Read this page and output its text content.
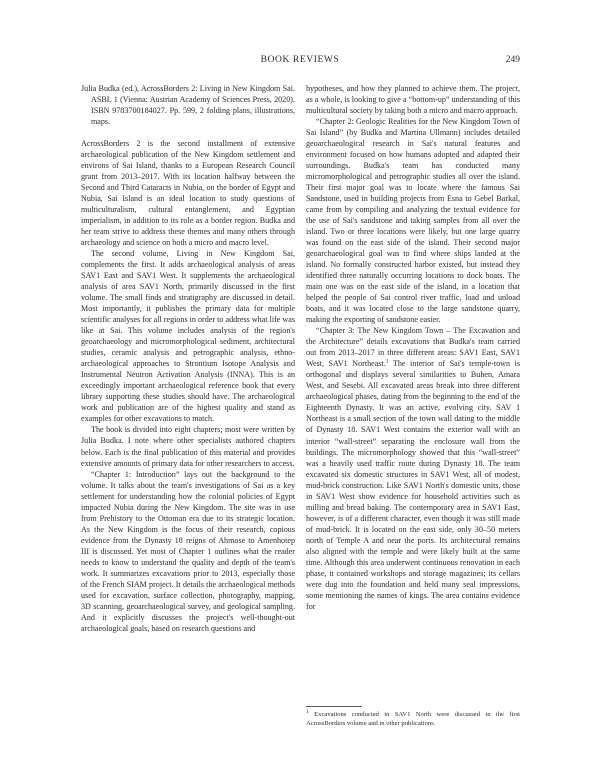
BOOK REVIEWS	249

Julia Budka (ed.), AcrossBorders 2: Living in New Kingdom Sai. ASBL 1 (Vienna: Austrian Academy of Sciences Press, 2020). ISBN 9783700184027. Pp. 599, 2 folding plans, illustrations, maps.

AcrossBorders 2 is the second installment of extensive archaeological publication of the New Kingdom settlement and environs of Sai Island, thanks to a European Research Council grant from 2013–2017. With its location halfway between the Second and Third Cataracts in Nubia, on the border of Egypt and Nubia, Sai Island is an ideal location to study questions of multiculturalism, cultural entanglement, and Egyptian imperialism, in addition to its role as a border region. Budka and her team strive to address these themes and many others through archaeology and science on both a micro and macro level.

The second volume, Living in New Kingdom Sai, complements the first. It adds archaeological analysis of areas SAV1 East and SAV1 West. It supplements the archaeological analysis of area SAV1 North, primarily discussed in the first volume. The small finds and stratigraphy are discussed in detail. Most importantly, it publishes the primary data for multiple scientific analyses for all regions in order to address what life was like at Sai. This volume includes analysis of the region's geoarchaeology and micromorphological sediment, architectural studies, ceramic analysis and petrographic analysis, ethno-archaeological approaches to Strontium Isotope Analysis and Instrumental Neutron Activation Analysis (INNA). This is an exceedingly important archaeological reference book that every library supporting these studies should have. The archaeological work and publication are of the highest quality and stand as examples for other excavations to match.

The book is divided into eight chapters; most were written by Julia Budka. I note where other specialists authored chapters below. Each is the final publication of this material and provides extensive amounts of primary data for other researchers to access.

“Chapter 1: Introduction” lays out the background to the volume. It talks about the team's investigations of Sai as a key settlement for understanding how the colonial policies of Egypt impacted Nubia during the New Kingdom. The site was in use from Prehistory to the Ottoman era due to its strategic location. As the New Kingdom is the focus of their research, copious evidence from the Dynasty 18 reigns of Ahmose to Amenhotep III is discussed. Yet most of Chapter 1 outlines what the reader needs to know to understand the quality and depth of the team's work. It summarizes excavations prior to 2013, especially those of the French SIAM project. It details the archaeological methods used for excavation, surface collection, photography, mapping, 3D scanning, geoarchaeological survey, and geological sampling. And it explicitly discusses the project's well-thought-out archaeological goals, based on research questions and

hypotheses, and how they planned to achieve them. The project, as a whole, is looking to give a “bottom-up” understanding of this multicultural society by taking both a micro and macro approach.

“Chapter 2: Geologic Realities for the New Kingdom Town of Sai Island” (by Budka and Martina Ullmann) includes detailed geoarchaeological research in Sai's natural features and environment focused on how humans adopted and adapted their surroundings. Budka's team has conducted many micromorphological and petrographic studies all over the island. Their first major goal was to locate where the famous Sai Sandstone, used in building projects from Esna to Gebel Barkal, came from by compiling and analyzing the textual evidence for the use of Sai's sandstone and taking samples from all over the island. Two or three locations were likely, but one large quarry was found on the east side of the island. Their second major geoarchaeological goal was to find where ships landed at the island. No formally constructed harbor existed, but instead they identified three naturally occurring locations to dock boats. The main one was on the east side of the island, in a location that helped the people of Sai control river traffic, load and unload boats, and it was located close to the large sandstone quarry, making the exporting of sandstone easier.

“Chapter 3: The New Kingdom Town – The Excavation and the Architecture” details excavations that Budka's team carried out from 2013–2017 in three different areas: SAV1 East, SAV1 West, SAV1 Northeast.$^1$ The interior of Sai's temple-town is orthogonal and displays several similarities to Buhen, Amara West, and Sesebi. All excavated areas break into three different archaeological phases, dating from the beginning to the end of the Eighteenth Dynasty. It was an active, evolving city. SAV 1 Northeast is a small section of the town wall dating to the middle of Dynasty 18. SAV1 West contains the exterior wall with an interior “wall-street” separating the enclosure wall from the buildings. The micromorphology showed that this “wall-street” was a heavily used traffic route during Dynasty 18. The team excavated six domestic structures in SAV1 West, all of modest, mud-brick construction. Like SAV1 North's domestic units, those in SAV1 West show evidence for household activities such as milling and bread baking. The contemporary area in SAV1 East, however, is of a different character, even though it was still made of mud-brick. It is located on the east side, only 30–50 meters north of Temple A and near the ports. Its architectural remains also aligned with the temple and were likely built at the same time. Although this area underwent continuous renovation in each phase, it contained workshops and storage magazines; its cellars were dug into the foundation and held many seal impressions, some mentioning the names of kings. The area contains evidence for

$^1$ Excavations conducted in SAV1 North were discussed in the first AcrossBorders volume and in other publications.
